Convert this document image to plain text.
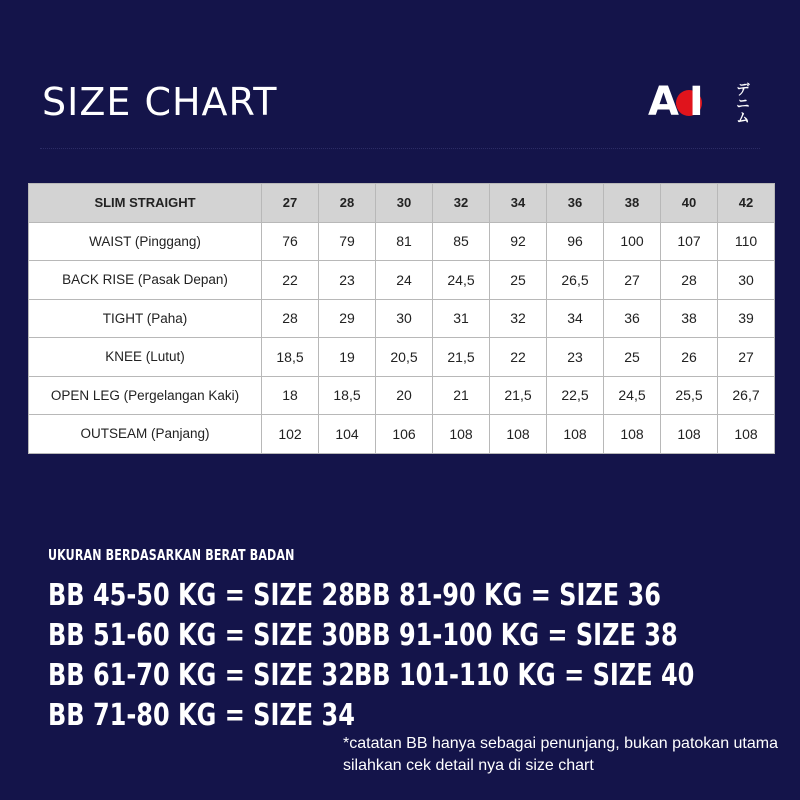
SIZE CHART	A I デニム
SLIM STRAIGHT	27	28	30	32	34	36	38	40	42
WAIST (Pinggang)	76	79	81	85	92	96	100	107	110
BACK RISE (Pasak Depan)	22	23	24	24,5	25	26,5	27	28	30
TIGHT (Paha)	28	29	30	31	32	34	36	38	39
KNEE (Lutut)	18,5	19	20,5	21,5	22	23	25	26	27
OPEN LEG (Pergelangan Kaki)	18	18,5	20	21	21,5	22,5	24,5	25,5	26,7
OUTSEAM (Panjang)	102	104	106	108	108	108	108	108	108
UKURAN BERDASARKAN BERAT BADAN
BB 45-50 KG = SIZE 28
BB 51-60 KG = SIZE 30
BB 61-70 KG = SIZE 32
BB 71-80 KG = SIZE 34
BB 81-90 KG = SIZE 36
BB 91-100 KG = SIZE 38
BB 101-110 KG = SIZE 40
*catatan BB hanya sebagai penunjang, bukan patokan utama silahkan cek detail nya di size chart
